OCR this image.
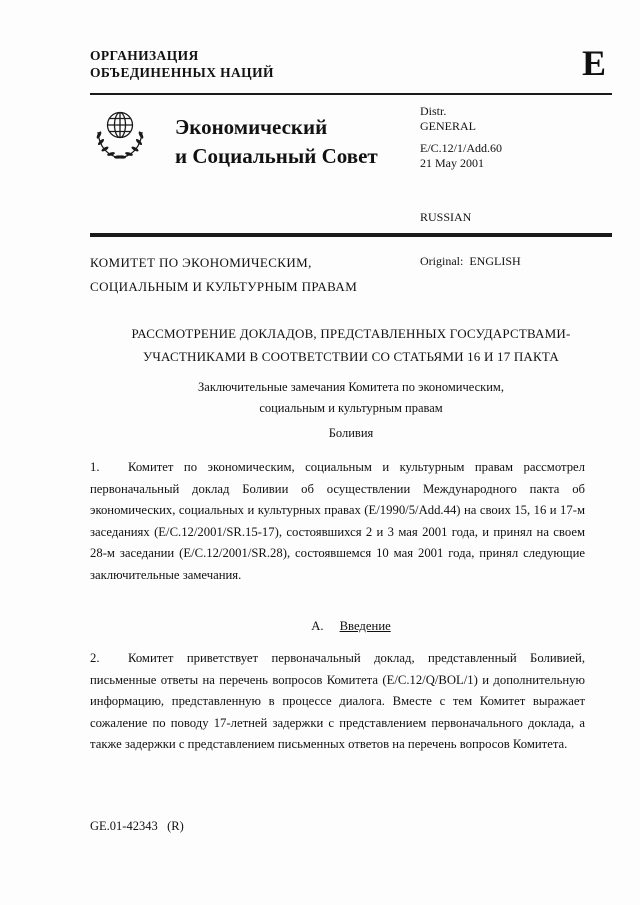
ОРГАНИЗАЦИЯ
ОБЪЕДИНЕННЫХ НАЦИЙ	E
Экономический
и Социальный Совет
Distr.
GENERAL
E/C.12/1/Add.60
21 May 2001

RUSSIAN

Original:  ENGLISH

КОМИТЕТ ПО ЭКОНОМИЧЕСКИМ,
СОЦИАЛЬНЫМ И КУЛЬТУРНЫМ ПРАВАМ
РАССМОТРЕНИЕ ДОКЛАДОВ, ПРЕДСТАВЛЕННЫХ ГОСУДАРСТВАМИ-
УЧАСТНИКАМИ В СООТВЕТСТВИИ СО СТАТЬЯМИ 16 И 17 ПАКТА
Заключительные замечания Комитета по экономическим,
социальным и культурным правам
Боливия
1. Комитет по экономическим, социальным и культурным правам рассмотрел первоначальный доклад Боливии об осуществлении Международного пакта об экономических, социальных и культурных правах (E/1990/5/Add.44) на своих 15, 16 и 17-м заседаниях (E/C.12/2001/SR.15-17), состоявшихся 2 и 3 мая 2001 года, и принял на своем 28-м заседании (E/C.12/2001/SR.28), состоявшемся 10 мая 2001 года, принял следующие заключительные замечания.
А. Введение
2. Комитет приветствует первоначальный доклад, представленный Боливией, письменные ответы на перечень вопросов Комитета (E/C.12/Q/BOL/1) и дополнительную информацию, представленную в процессе диалога. Вместе с тем Комитет выражает сожаление по поводу 17-летней задержки с представлением первоначального доклада, а также задержки с представлением письменных ответов на перечень вопросов Комитета.
GE.01-42343   (R)
